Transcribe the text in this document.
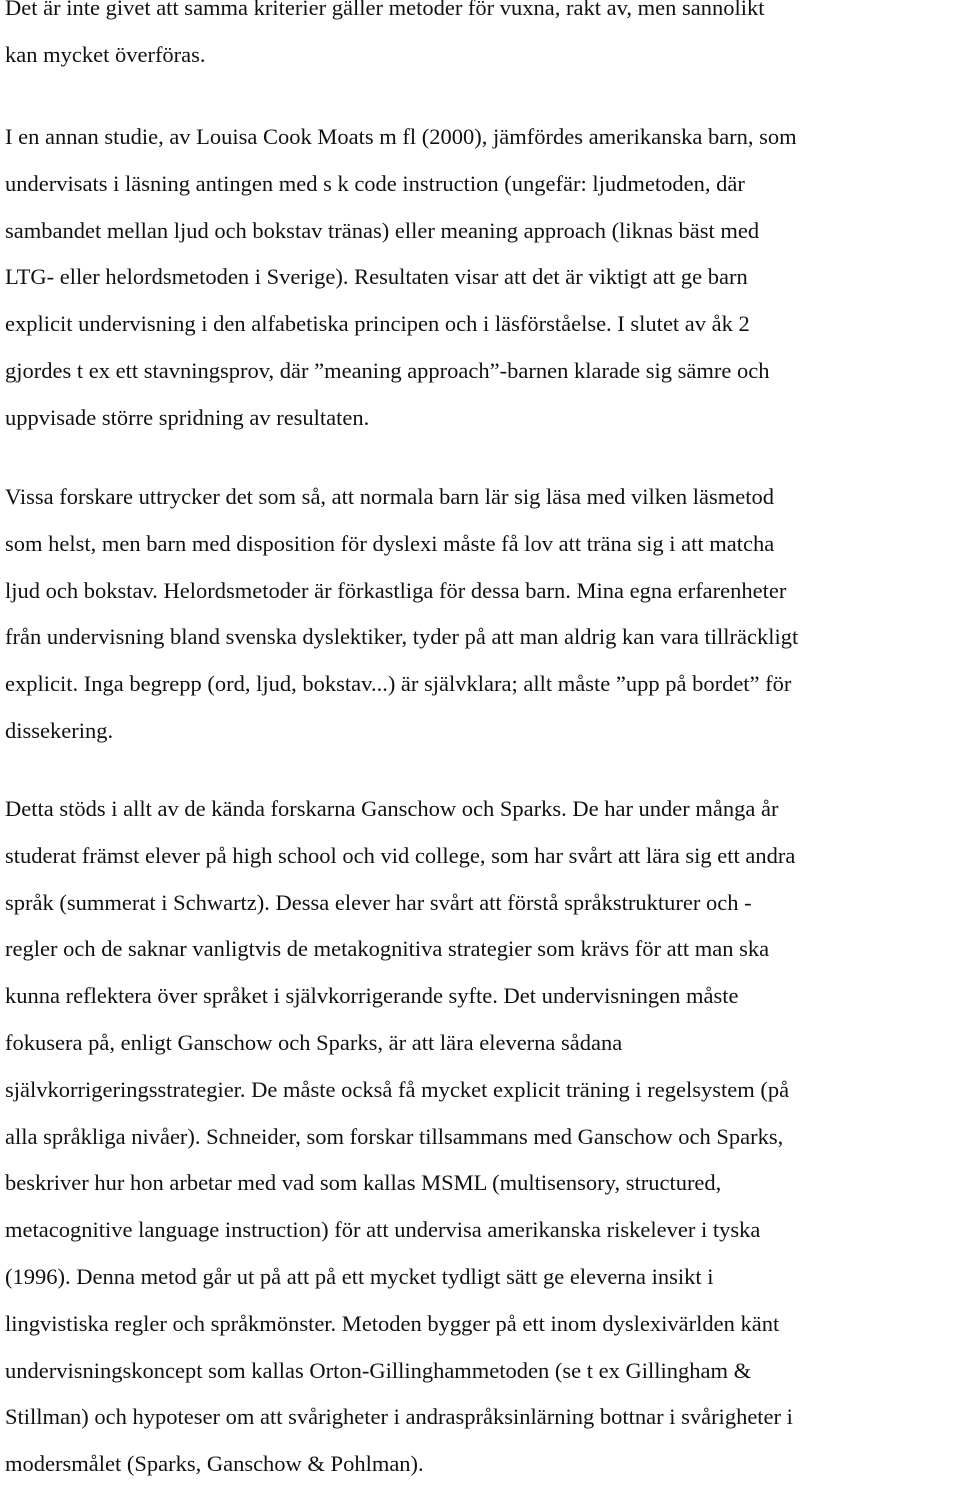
Det är inte givet att samma kriterier gäller metoder för vuxna, rakt av, men sannolikt
kan mycket överföras.
I en annan studie, av Louisa Cook Moats m fl (2000), jämfördes amerikanska barn, som
undervisats i läsning antingen med s k code instruction (ungefär: ljudmetoden, där
sambandet mellan ljud och bokstav tränas) eller meaning approach (liknas bäst med
LTG- eller helordsmetoden i Sverige). Resultaten visar att det är viktigt att ge barn
explicit undervisning i den alfabetiska principen och i läsförståelse. I slutet av åk 2
gjordes t ex ett stavningsprov, där ”meaning approach”-barnen klarade sig sämre och
uppvisade större spridning av resultaten.
Vissa forskare uttrycker det som så, att normala barn lär sig läsa med vilken läsmetod
som helst, men barn med disposition för dyslexi måste få lov att träna sig i att matcha
ljud och bokstav. Helordsmetoder är förkastliga för dessa barn. Mina egna erfarenheter
från undervisning bland svenska dyslektiker, tyder på att man aldrig kan vara tillräckligt
explicit. Inga begrepp (ord, ljud, bokstav...) är självklara; allt måste ”upp på bordet” för
dissekering.
Detta stöds i allt av de kända forskarna Ganschow och Sparks. De har under många år
studerat främst elever på high school och vid college, som har svårt att lära sig ett andra
språk (summerat i Schwartz). Dessa elever har svårt att förstå språkstrukturer och -
regler och de saknar vanligtvis de metakognitiva strategier som krävs för att man ska
kunna reflektera över språket i självkorrigerande syfte. Det undervisningen måste
fokusera på, enligt Ganschow och Sparks, är att lära eleverna sådana
självkorrigeringsstrategier. De måste också få mycket explicit träning i regelsystem (på
alla språkliga nivåer). Schneider, som forskar tillsammans med Ganschow och Sparks,
beskriver hur hon arbetar med vad som kallas MSML (multisensory, structured,
metacognitive language instruction) för att undervisa amerikanska riskelever i tyska
(1996). Denna metod går ut på att på ett mycket tydligt sätt ge eleverna insikt i
lingvistiska regler och språkmönster. Metoden bygger på ett inom dyslexivärlden känt
undervisningskoncept som kallas Orton-Gillinghammetoden (se t ex Gillingham &
Stillman) och hypoteser om att svårigheter i andraspråksinlärning bottnar i svårigheter i
modersmålet (Sparks, Ganschow & Pohlman).
